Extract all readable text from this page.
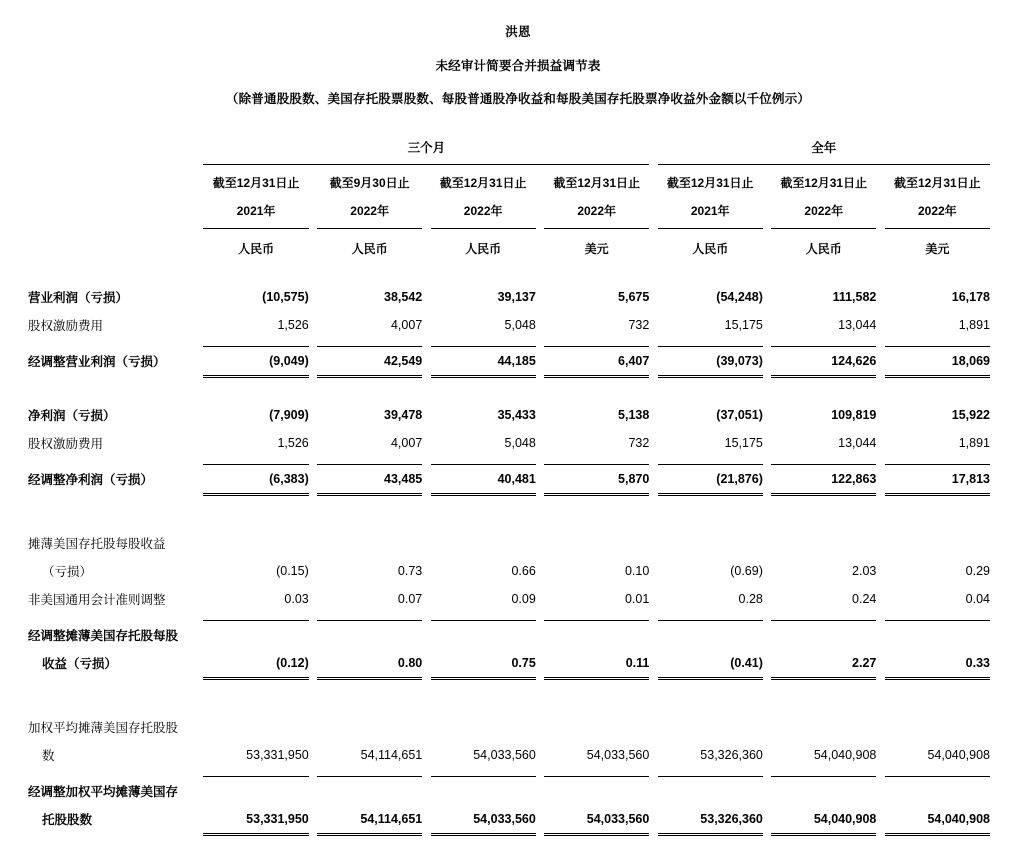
洪恩
未经审计简要合并损益调节表
（除普通股股数、美国存托股票股数、每股普通股净收益和每股美国存托股票净收益外金额以千位例示）
		三个月								全年				

		截至12月31日止		截至9月30日止		截至12月31日止		截至12月31日止		截至12月31日止		截至12月31日止		截至12月31日止
		2021年		2022年		2022年		2022年		2021年		2022年		2022年

		人民币		人民币		人民币		美元		人民币		人民币		美元

营业利润（亏损）		(10,575)		38,542		39,137		5,675		(54,248)		111,582		16,178
股权激励费用		1,526		4,007		5,048		732		15,175		13,044		1,891

经调整营业利润（亏损）		(9,049)		42,549		44,185		6,407		(39,073)		124,626		18,069

净利润（亏损）		(7,909)		39,478		35,433		5,138		(37,051)		109,819		15,922
股权激励费用		1,526		4,007		5,048		732		15,175		13,044		1,891

经调整净利润（亏损）		(6,383)		43,485		40,481		5,870		(21,876)		122,863		17,813

摊薄美国存托股每股收益														
（亏损）		(0.15)		0.73		0.66		0.10		(0.69)		2.03		0.29
非美国通用会计准则调整		0.03		0.07		0.09		0.01		0.28		0.24		0.04

经调整摊薄美国存托股每股														
收益（亏损）		(0.12)		0.80		0.75		0.11		(0.41)		2.27		0.33

加权平均摊薄美国存托股股														
数		53,331,950		54,114,651		54,033,560		54,033,560		53,326,360		54,040,908		54,040,908

经调整加权平均摊薄美国存														
托股股数		53,331,950		54,114,651		54,033,560		54,033,560		53,326,360		54,040,908		54,040,908
